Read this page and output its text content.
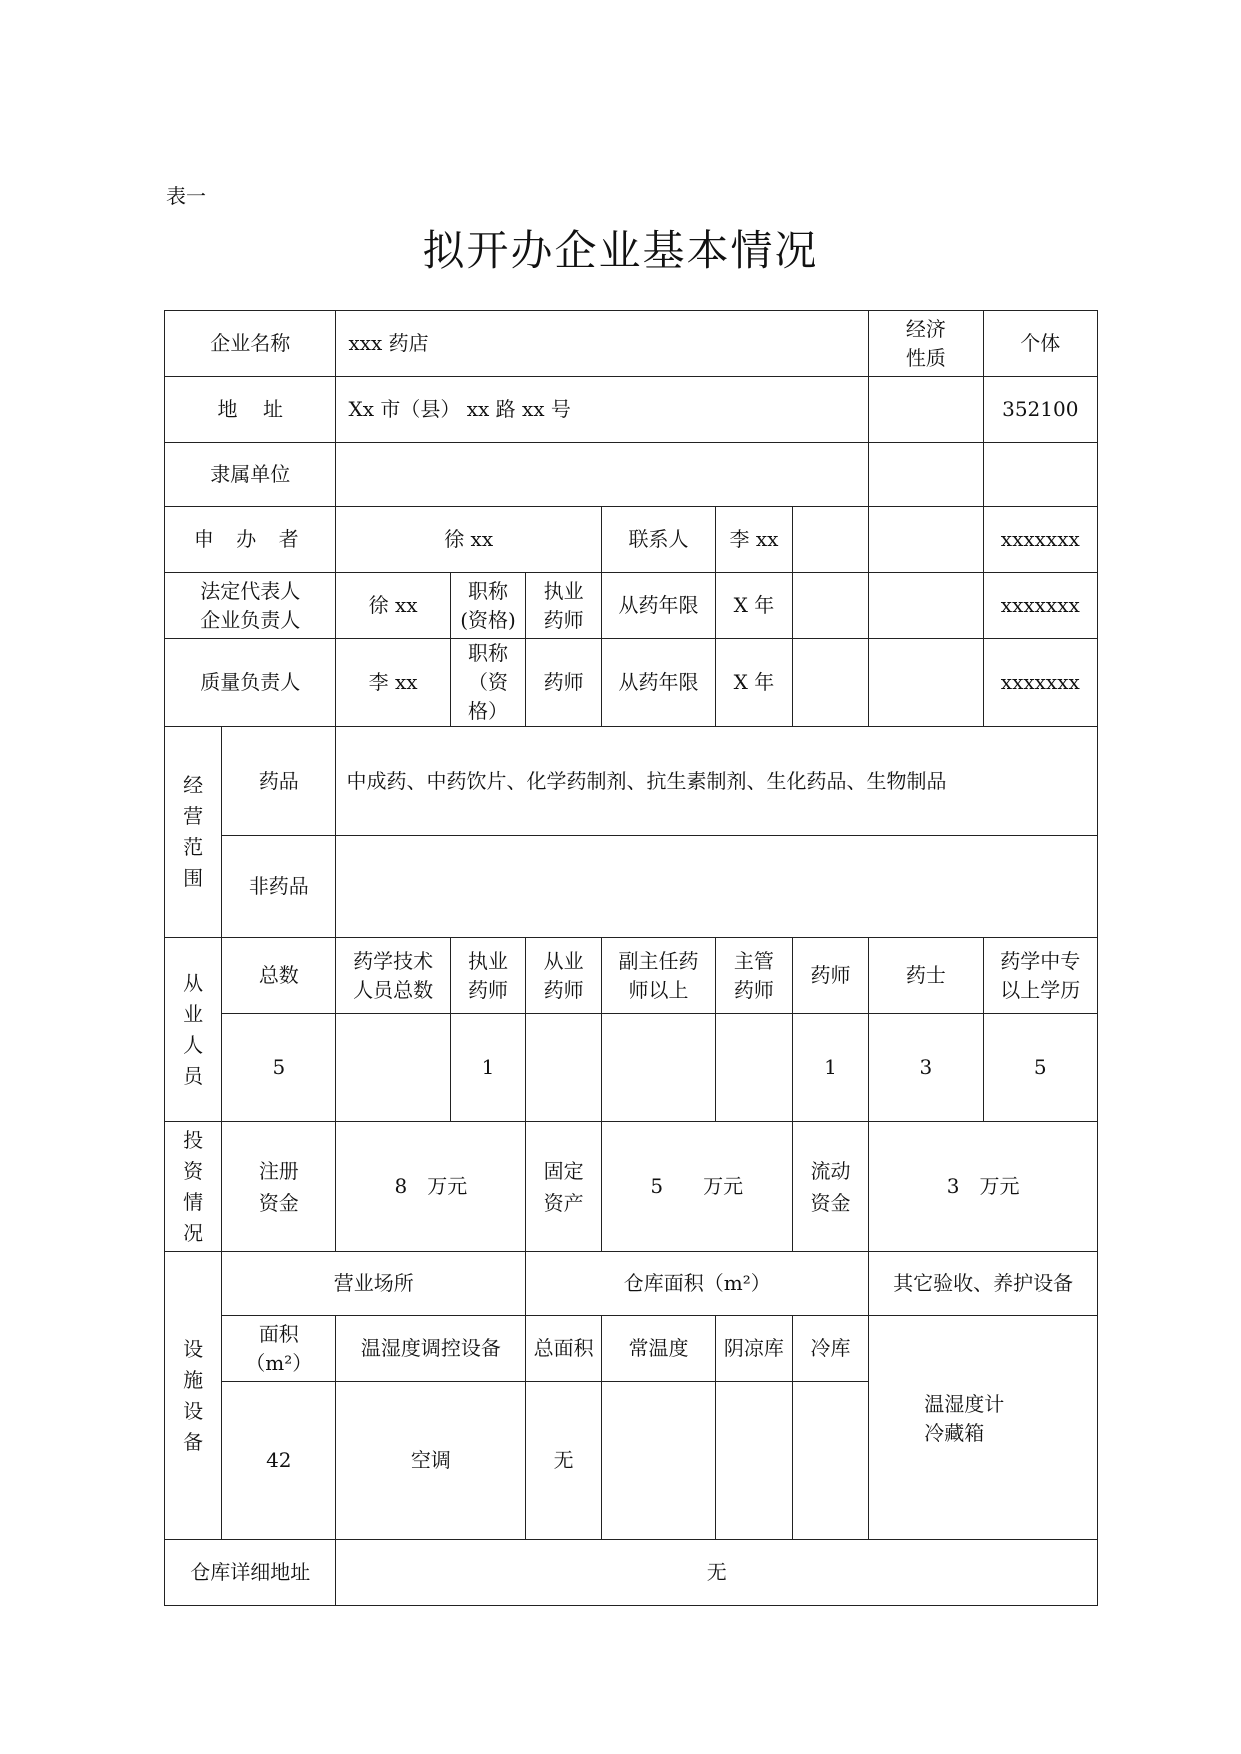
表一
拟开办企业基本情况
企业名称		xxx 药店						经济性质	个体
地    址		Xx 市（县） xx 路 xx 号							352100
隶属单位									
申 办 者		徐 xx			联系人	李 xx			xxxxxxx

法定代表人企业负责人		徐 xx	职称(资格)	执业药师	从药年限	X 年			xxxxxxx
质量负责人		李 xx	职称（资格）	药师	从药年限	X 年			xxxxxxx

经营范围	药品	中成药、中药饮片、化学药制剂、抗生素制剂、生化药品、生物制品							
	非药品								

从业人员	总数	药学技术人员总数	执业药师	从业药师	副主任药师以上	主管药师	药师	药士	药学中专以上学历

	5		1				1	3	5

投资情况	注册资金	8　万元		固定资产	5　　万元		流动资金	3　万元	

设施设备	营业场所			仓库面积（m²）				其它验收、养护设备	

	面积（m²）	温湿度调控设备		总面积	常温度	阴凉库	冷库	温湿度计
冷藏箱	

	42	空调		无					
仓库详细地址		无							
